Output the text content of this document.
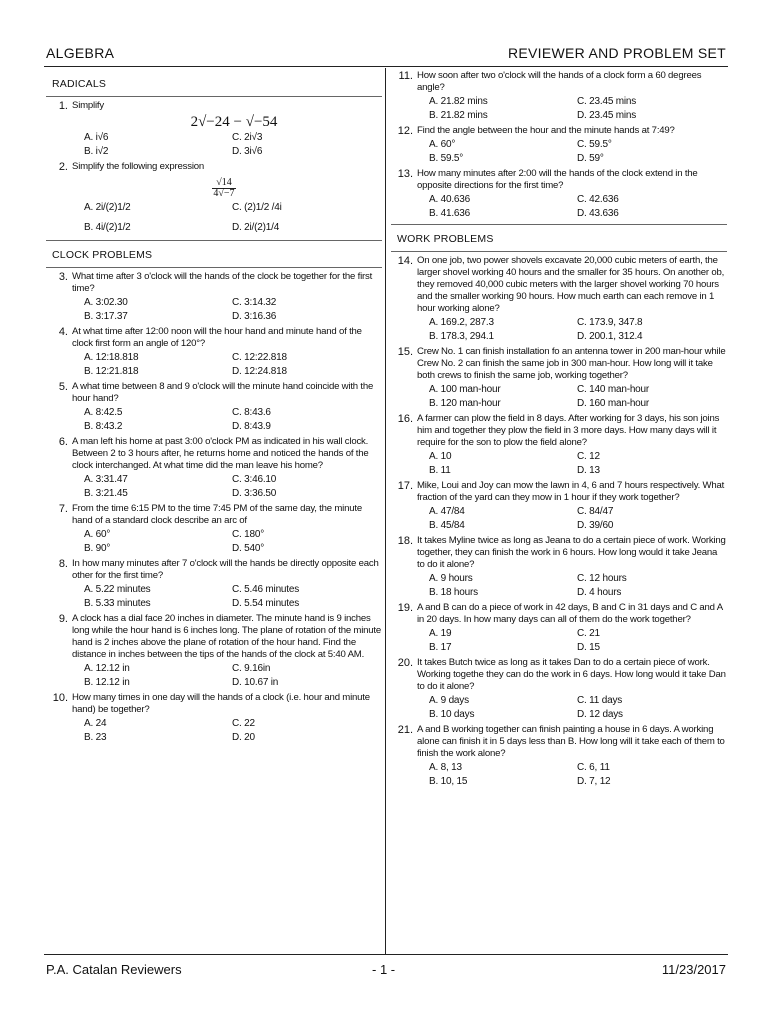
ALGEBRA	REVIEWER AND PROBLEM SET
RADICALS
1. Simplify
2√−24 − √−54
A. i√6	C. 2i√3
B. i√2	D. 3i√6
2. Simplify the following expression
$\frac{√14}{4√-7}$
A. 2i/(2)1/2	C. (2)1/2 /4i
B. 4i/(2)1/2	D. 2i/(2)1/4
CLOCK PROBLEMS
3. What time after 3 o'clock will the hands of the clock be together for the first time?
A. 3:02.30	C. 3:14.32
B. 3:17.37	D. 3:16.36
4. At what time after 12:00 noon will the hour hand and minute hand of the clock first form an angle of 120°?
A. 12:18.818	C. 12:22.818
B. 12:21.818	D. 12:24.818
5. A what time between 8 and 9 o'clock will the minute hand coincide with the hour hand?
A. 8:42.5	C. 8:43.6
B. 8:43.2	D. 8:43.9
6. A man left his home at past 3:00 o'clock PM as indicated in his wall clock. Between 2 to 3 hours after, he returns home and noticed the hands of the clock interchanged. At what time did the man leave his home?
A. 3:31.47	C. 3:46.10
B. 3:21.45	D. 3:36.50
7. From the time 6:15 PM to the time 7:45 PM of the same day, the minute hand of a standard clock describe an arc of
A. 60°	C. 180°
B. 90°	D. 540°
8. In how many minutes after 7 o'clock will the hands be directly opposite each other for the first time?
A. 5.22 minutes	C. 5.46 minutes
B. 5.33 minutes	D. 5.54 minutes
9. A clock has a dial face 20 inches in diameter. The minute hand is 9 inches long while the hour hand is 6 inches long. The plane of rotation of the minute hand is 2 inches above the plane of rotation of the hour hand. Find the distance in inches between the tips of the hands of the clock at 5:40 AM.
A. 12.12 in	C. 9.16in
B. 12.12 in	D. 10.67 in
10. How many times in one day will the hands of a clock (i.e. hour and minute hand) be together?
A. 24	C. 22
B. 23	D. 20
11. How soon after two o'clock will the hands of a clock form a 60 degrees angle?
A. 21.82 mins	C. 23.45 mins
B. 21.82 mins	D. 23.45 mins
12. Find the angle between the hour and the minute hands at 7:49?
A. 60°	C. 59.5°
B. 59.5°	D. 59°
13. How many minutes after 2:00 will the hands of the clock extend in the opposite directions for the first time?
A. 40.636	C. 42.636
B. 41.636	D. 43.636
WORK PROBLEMS
14. On one job, two power shovels excavate 20,000 cubic meters of earth, the larger shovel working 40 hours and the smaller for 35 hours. On another ob, they removed 40,000 cubic meters with the larger shovel working 70 hours and the smaller working 90 hours. How much earth can each remove in 1 hour working alone?
A. 169.2, 287.3	C. 173.9, 347.8
B. 178.3, 294.1	D. 200.1, 312.4
15. Crew No. 1 can finish installation fo an antenna tower in 200 man-hour while Crew No. 2 can finish the same job in 300 man-hour. How long will it take both crews to finish the same job, working together?
A. 100 man-hour	C. 140 man-hour
B. 120 man-hour	D. 160 man-hour
16. A farmer can plow the field in 8 days. After working for 3 days, his son joins him and together they plow the field in 3 more days. How many days will it require for the son to plow the field alone?
A. 10	C. 12
B. 11	D. 13
17. Mike, Loui and Joy can mow the lawn in 4, 6 and 7 hours respectively. What fraction of the yard can they mow in 1 hour if they work together?
A. 47/84	C. 84/47
B. 45/84	D. 39/60
18. It takes Myline twice as long as Jeana to do a certain piece of work. Working together, they can finish the work in 6 hours. How long would it take Jeana to do it alone?
A. 9 hours	C. 12 hours
B. 18 hours	D. 4 hours
19. A and B can do a piece of work in 42 days, B and C in 31 days and C and A in 20 days. In how many days can all of them do the work together?
A. 19	C. 21
B. 17	D. 15
20. It takes Butch twice as long as it takes Dan to do a certain piece of work. Working togethe they can do the work in 6 days. How long would it take Dan to do it alone?
A. 9 days	C. 11 days
B. 10 days	D. 12 days
21. A and B working together can finish painting a house in 6 days. A working alone can finish it in 5 days less than B. How long will it take each of them to finish the work alone?
A. 8, 13	C. 6, 11
B. 10, 15	D. 7, 12
P.A. Catalan Reviewers	- 1 -	11/23/2017
